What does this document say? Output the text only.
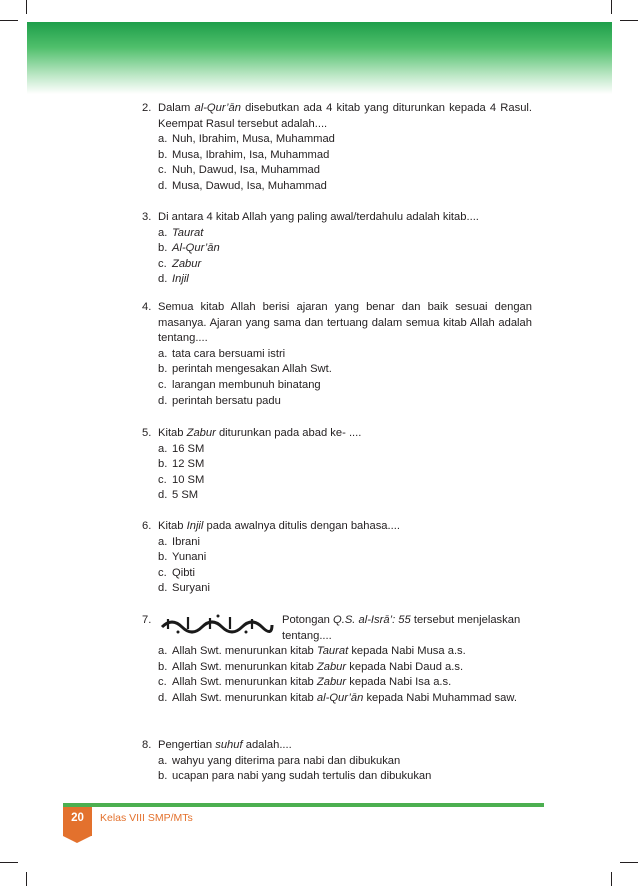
2. Dalam al-Qur’ān disebutkan ada 4 kitab yang diturunkan kepada 4 Rasul. Keempat Rasul tersebut adalah....
a. Nuh, Ibrahim, Musa, Muhammad
b. Musa, Ibrahim, Isa, Muhammad
c. Nuh, Dawud, Isa, Muhammad
d. Musa, Dawud, Isa, Muhammad
3. Di antara 4 kitab Allah yang paling awal/terdahulu adalah kitab....
a. Taurat
b. Al-Qur’ān
c. Zabur
d. Injil
4. Semua kitab Allah berisi ajaran yang benar dan baik sesuai dengan masanya. Ajaran yang sama dan tertuang dalam semua kitab Allah adalah tentang....
a. tata cara bersuami istri
b. perintah mengesakan Allah Swt.
c. larangan membunuh binatang
d. perintah bersatu padu
5. Kitab Zabur diturunkan pada abad ke- ....
a. 16 SM
b. 12 SM
c. 10 SM
d. 5 SM
6. Kitab Injil pada awalnya ditulis dengan bahasa....
a. Ibrani
b. Yunani
c. Qibti
d. Suryani
7.	Potongan Q.S. al-Isrā’: 55 tersebut menjelaskan tentang....
a. Allah Swt. menurunkan kitab Taurat kepada Nabi Musa a.s.
b. Allah Swt. menurunkan kitab Zabur kepada Nabi Daud a.s.
c. Allah Swt. menurunkan kitab Zabur kepada Nabi Isa a.s.
d. Allah Swt. menurunkan kitab al-Qur’ān kepada Nabi Muhammad saw.
8. Pengertian suhuf adalah....
a. wahyu yang diterima para nabi dan dibukukan
b. ucapan para nabi yang sudah tertulis dan dibukukan
20	Kelas VIII SMP/MTs
